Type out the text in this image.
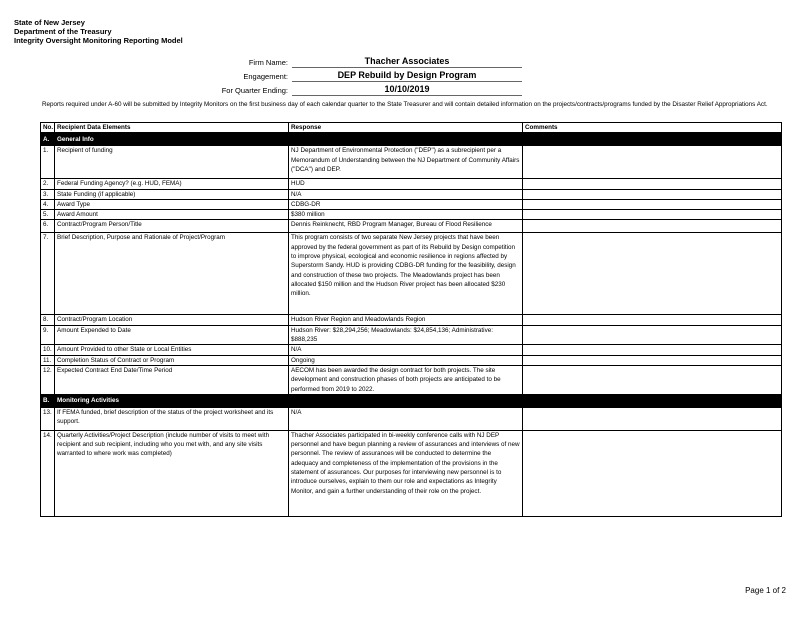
State of New Jersey
Department of the Treasury
Integrity Oversight Monitoring Reporting Model
Firm Name:	Thacher Associates
Engagement:	DEP Rebuild by Design Program
For Quarter Ending:	10/10/2019
Reports required under A-60 will be submitted by Integrity Monitors on the first business day of each calendar quarter to the State Treasurer and will contain detailed information on the projects/contracts/programs funded by the Disaster Relief Appropriations Act.
No.	Recipient Data Elements	Response	Comments
A.	General Info		
1.	Recipient of funding	NJ Department of Environmental Protection ("DEP") as a subrecipient per a Memorandum of Understanding between the NJ Department of Community Affairs ("DCA") and DEP.	
2.	Federal Funding Agency? (e.g. HUD, FEMA)	HUD	
3.	State Funding (if applicable)	N/A	
4.	Award Type	CDBG-DR	
5.	Award Amount	$380 million	
6.	Contract/Program Person/Title	Dennis Reinknecht, RBD Program Manager, Bureau of Flood Resilience	
7.	Brief Description, Purpose and Rationale of Project/Program	This program consists of two separate New Jersey projects that have been approved by the federal government as part of its Rebuild by Design competition to improve physical, ecological and economic resilience in regions affected by Superstorm Sandy. HUD is providing CDBG-DR funding for the feasibility, design and construction of these two projects. The Meadowlands project has been allocated $150 million and the Hudson River project has been allocated $230 million.	
8.	Contract/Program Location	Hudson River Region and Meadowlands Region	
9.	Amount Expended to Date	Hudson River: $28,294,256; Meadowlands: $24,854,136; Administrative: $888,235	
10.	Amount Provided to other State or Local Entities	N/A	
11.	Completion Status of Contract or Program	Ongoing	
12.	Expected Contract End Date/Time Period	AECOM has been awarded the design contract for both projects. The site development and construction phases of both projects are anticipated to be performed from 2019 to 2022.	
B.	Monitoring Activities		
13.	If FEMA funded, brief description of the status of the project worksheet and its support.	N/A	
14.	Quarterly Activities/Project Description (include number of visits to meet with recipient and sub recipient, including who you met with, and any site visits warranted to where work was completed)	Thacher Associates participated in bi-weekly conference calls with NJ DEP personnel and have begun planning a review of assurances and interviews of new personnel. The review of assurances will be conducted to determine the adequacy and completeness of the implementation of the provisions in the statement of assurances. Our purposes for interviewing new personnel is to introduce ourselves, explain to them our role and expectations as Integrity Monitor, and gain a further understanding of their role on the project.	
Page 1 of 2
